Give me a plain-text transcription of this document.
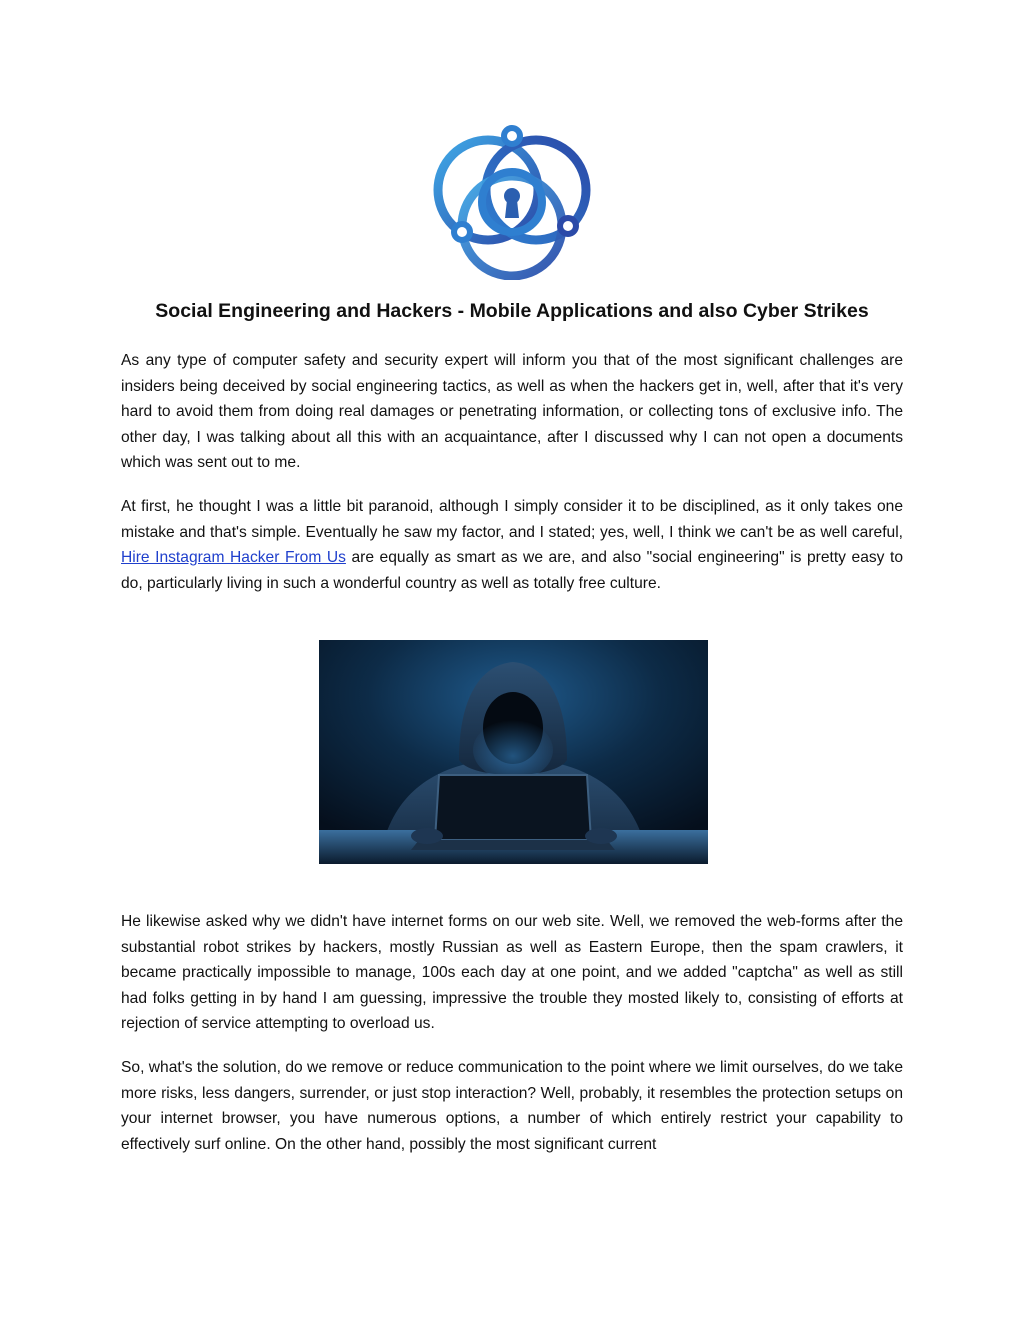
Social Engineering and Hackers - Mobile Applications and also Cyber Strikes

As any type of computer safety and security expert will inform you that of the most significant challenges are insiders being deceived by social engineering tactics, as well as when the hackers get in, well, after that it's very hard to avoid them from doing real damages or penetrating information, or collecting tons of exclusive info. The other day, I was talking about all this with an acquaintance, after I discussed why I can not open a documents which was sent out to me.

At first, he thought I was a little bit paranoid, although I simply consider it to be disciplined, as it only takes one mistake and that's simple. Eventually he saw my factor, and I stated; yes, well, I think we can't be as well careful, Hire Instagram Hacker From Us are equally as smart as we are, and also "social engineering" is pretty easy to do, particularly living in such a wonderful country as well as totally free culture.

He likewise asked why we didn't have internet forms on our web site. Well, we removed the web-forms after the substantial robot strikes by hackers, mostly Russian as well as Eastern Europe, then the spam crawlers, it became practically impossible to manage, 100s each day at one point, and we added "captcha" as well as still had folks getting in by hand I am guessing, impressive the trouble they mosted likely to, consisting of efforts at rejection of service attempting to overload us.

So, what's the solution, do we remove or reduce communication to the point where we limit ourselves, do we take more risks, less dangers, surrender, or just stop interaction? Well, probably, it resembles the protection setups on your internet browser, you have numerous options, a number of which entirely restrict your capability to effectively surf online. On the other hand, possibly the most significant current
